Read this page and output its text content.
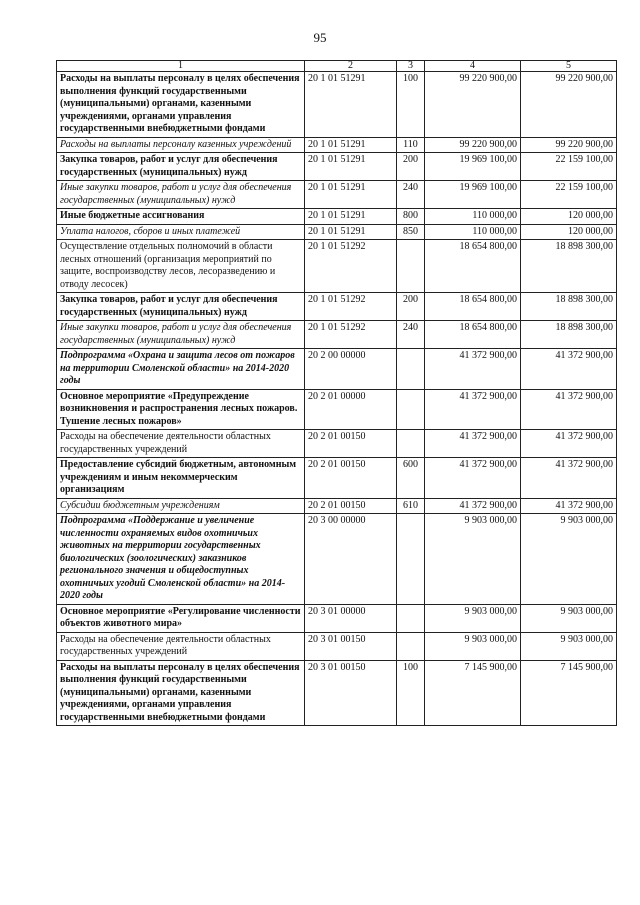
95
1	2	3	4	5
Расходы на выплаты персоналу в целях обеспечения выполнения функций государственными (муниципальными) органами, казенными учреждениями, органами управления государственными внебюджетными фондами	20 1 01 51291	100	99 220 900,00	99 220 900,00
Расходы на выплаты персоналу казенных учреждений	20 1 01 51291	110	99 220 900,00	99 220 900,00
Закупка товаров, работ и услуг для обеспечения государственных (муниципальных) нужд	20 1 01 51291	200	19 969 100,00	22 159 100,00
Иные закупки товаров, работ и услуг для обеспечения государственных (муниципальных) нужд	20 1 01 51291	240	19 969 100,00	22 159 100,00
Иные бюджетные ассигнования	20 1 01 51291	800	110 000,00	120 000,00
Уплата налогов, сборов и иных платежей	20 1 01 51291	850	110 000,00	120 000,00
Осуществление отдельных полномочий в области лесных отношений (организация мероприятий по защите, воспроизводству лесов, лесоразведению и отводу лесосек)	20 1 01 51292		18 654 800,00	18 898 300,00
Закупка товаров, работ и услуг для обеспечения государственных (муниципальных) нужд	20 1 01 51292	200	18 654 800,00	18 898 300,00
Иные закупки товаров, работ и услуг для обеспечения государственных (муниципальных) нужд	20 1 01 51292	240	18 654 800,00	18 898 300,00
Подпрограмма «Охрана и защита лесов от пожаров на территории Смоленской области» на 2014-2020 годы	20 2 00 00000		41 372 900,00	41 372 900,00
Основное мероприятие «Предупреждение возникновения и распространения лесных пожаров. Тушение лесных пожаров»	20 2 01 00000		41 372 900,00	41 372 900,00
Расходы на обеспечение деятельности областных государственных учреждений	20 2 01 00150		41 372 900,00	41 372 900,00
Предоставление субсидий бюджетным, автономным учреждениям и иным некоммерческим организациям	20 2 01 00150	600	41 372 900,00	41 372 900,00
Субсидии бюджетным учреждениям	20 2 01 00150	610	41 372 900,00	41 372 900,00
Подпрограмма «Поддержание и увеличение численности охраняемых видов охотничьих животных на территории государственных биологических (зоологических) заказников регионального значения и общедоступных охотничьих угодий Смоленской области» на 2014-2020 годы	20 3 00 00000		9 903 000,00	9 903 000,00
Основное мероприятие «Регулирование численности объектов животного мира»	20 3 01 00000		9 903 000,00	9 903 000,00
Расходы на обеспечение деятельности областных государственных учреждений	20 3 01 00150		9 903 000,00	9 903 000,00
Расходы на выплаты персоналу в целях обеспечения выполнения функций государственными (муниципальными) органами, казенными учреждениями, органами управления государственными внебюджетными фондами	20 3 01 00150	100	7 145 900,00	7 145 900,00
